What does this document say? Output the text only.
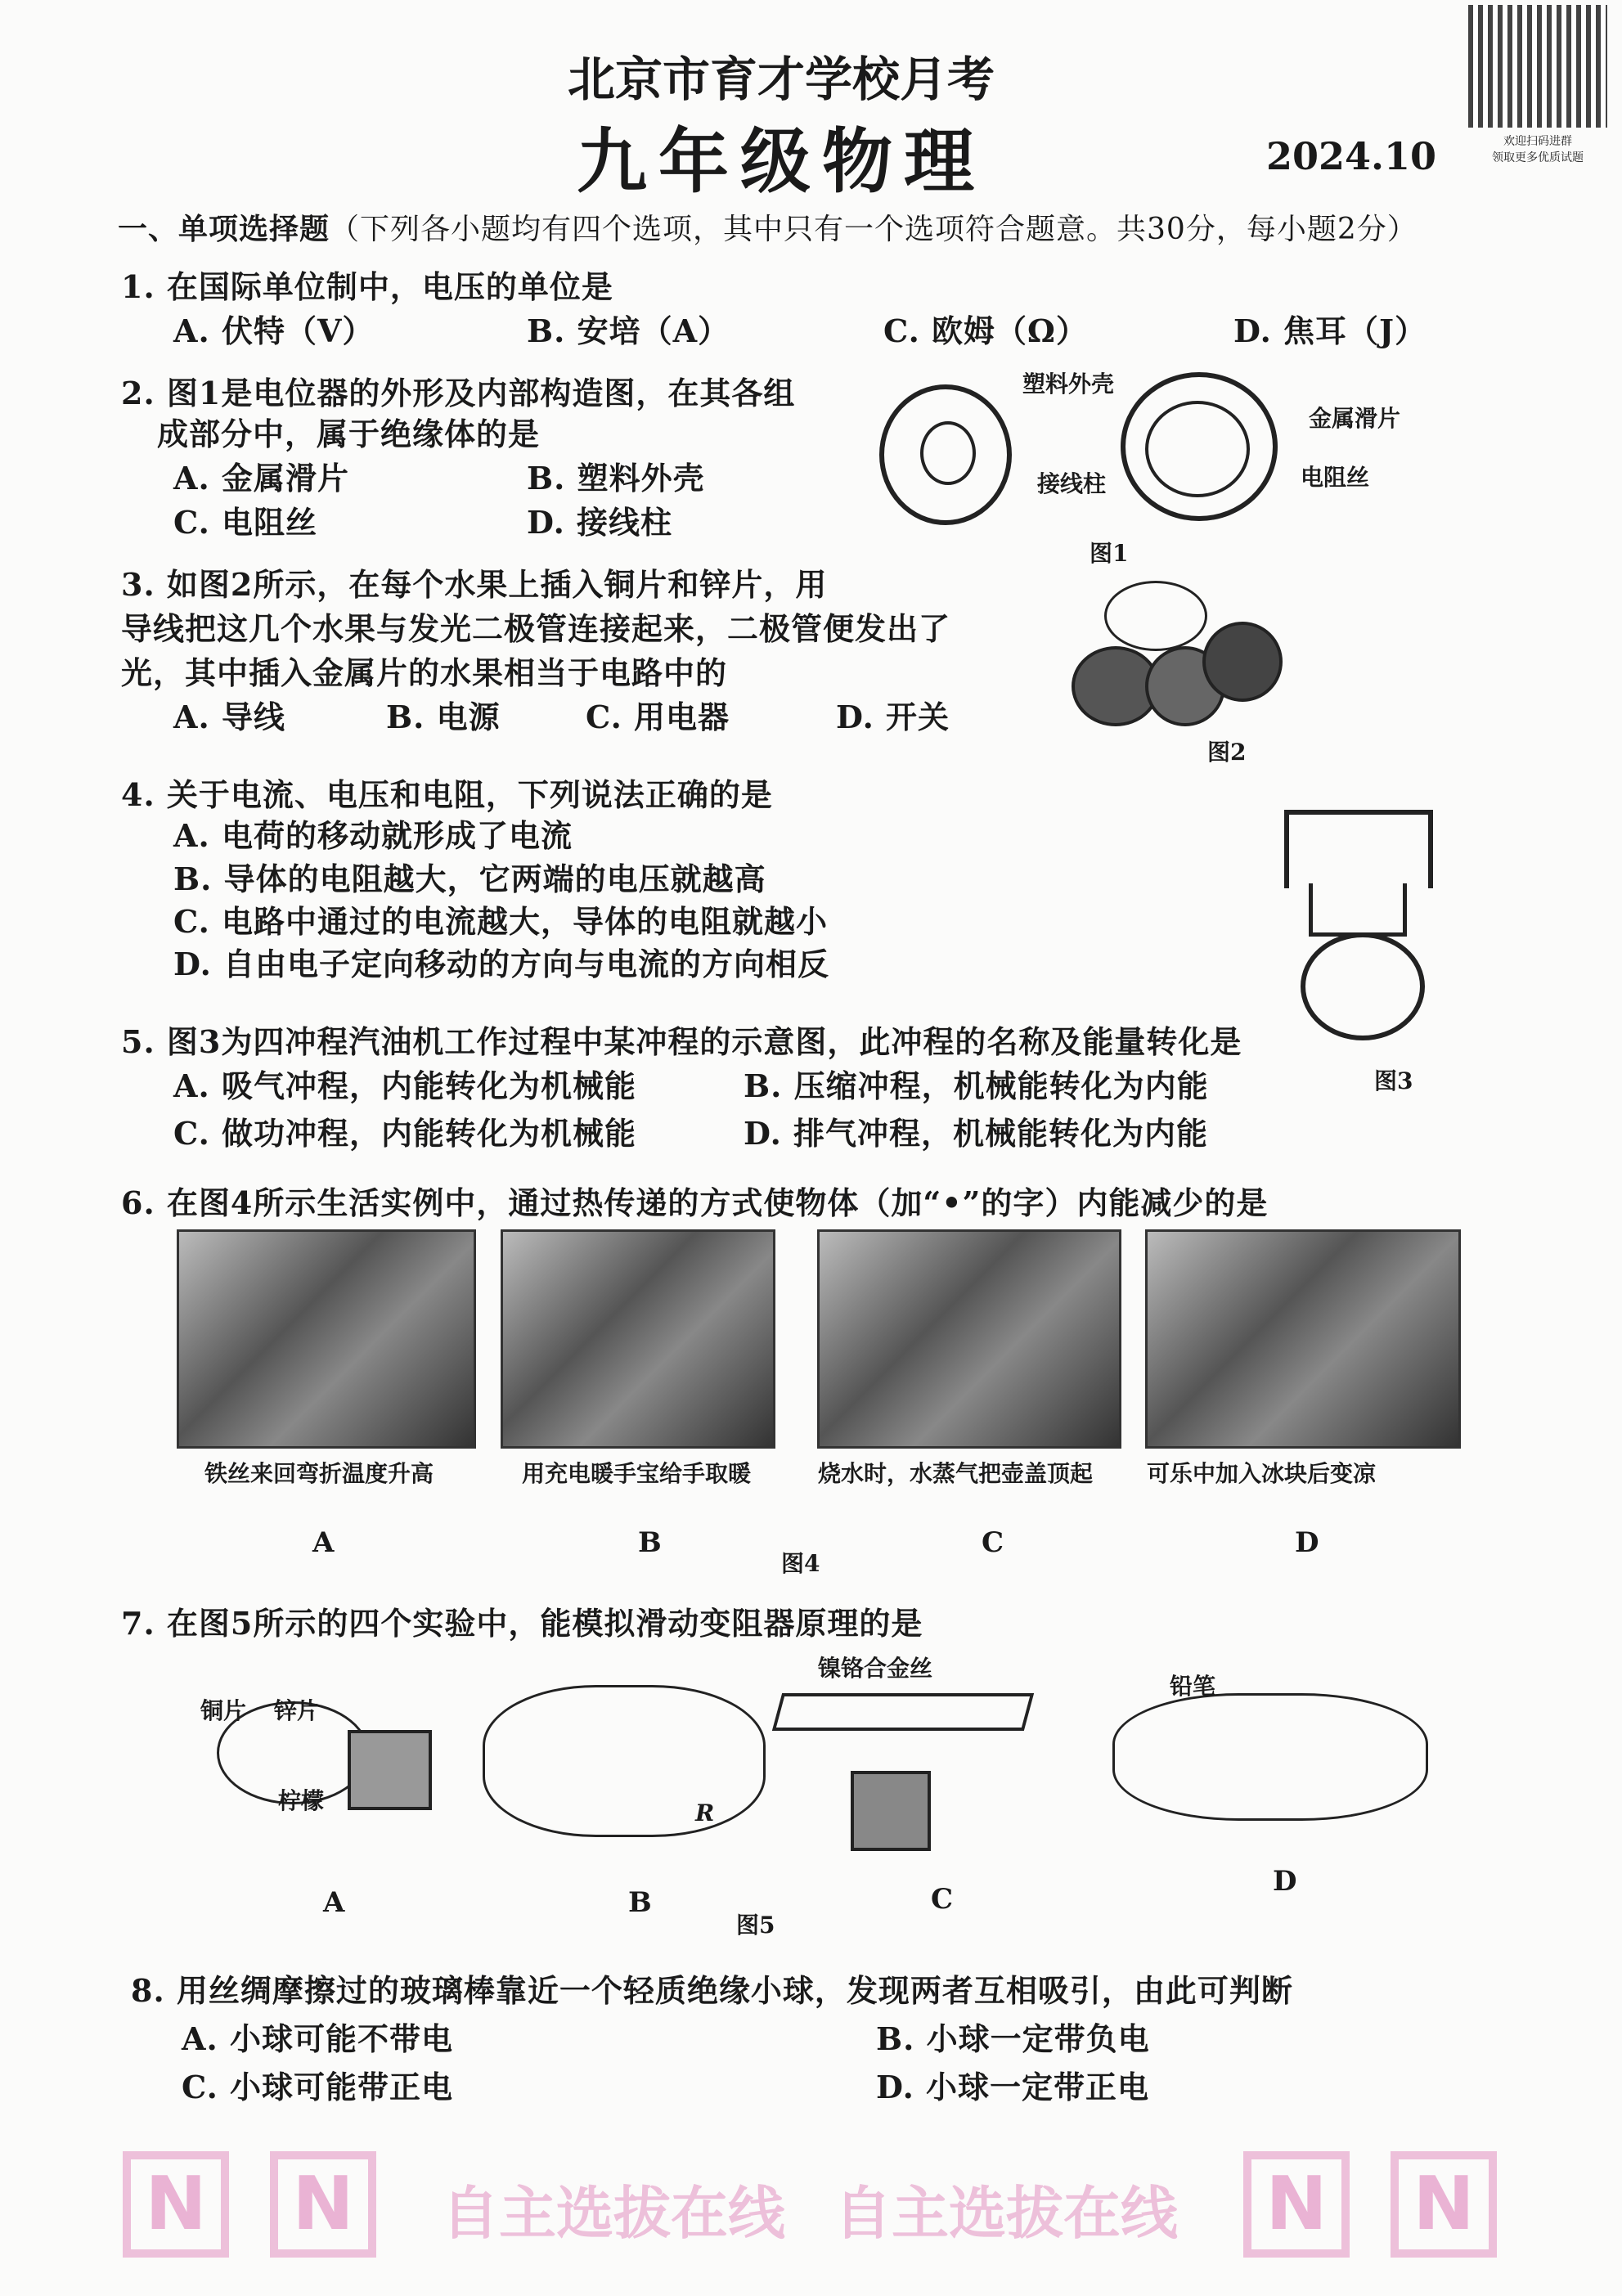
欢迎扫码进群
领取更多优质试题
北京市育才学校月考
九年级物理	2024.10
一、单项选择题（下列各小题均有四个选项，其中只有一个选项符合题意。共30分，每小题2分）
1. 在国际单位制中，电压的单位是
A. 伏特（V）	B. 安培（A）	C. 欧姆（Ω）	D. 焦耳（J）
2. 图1是电位器的外形及内部构造图，在其各组
成部分中，属于绝缘体的是
A. 金属滑片	B. 塑料外壳
C. 电阻丝	D. 接线柱
塑料外壳
金属滑片
接线柱	电阻丝
图1
3. 如图2所示，在每个水果上插入铜片和锌片，用
导线把这几个水果与发光二极管连接起来，二极管便发出了
光，其中插入金属片的水果相当于电路中的
A. 导线	B. 电源	C. 用电器	D. 开关
图2
4. 关于电流、电压和电阻，下列说法正确的是
A. 电荷的移动就形成了电流
B. 导体的电阻越大，它两端的电压就越高
C. 电路中通过的电流越大，导体的电阻就越小
D. 自由电子定向移动的方向与电流的方向相反
图3
5. 图3为四冲程汽油机工作过程中某冲程的示意图，此冲程的名称及能量转化是
A. 吸气冲程，内能转化为机械能	B. 压缩冲程，机械能转化为内能
C. 做功冲程，内能转化为机械能	D. 排气冲程，机械能转化为内能
6. 在图4所示生活实例中，通过热传递的方式使物体（加“•”的字）内能减少的是
铁丝来回弯折温度升高	用充电暖手宝给手取暖	烧水时，水蒸气把壶盖顶起 可乐中加入冰块后变凉
A	B	C	D
图4
7. 在图5所示的四个实验中，能模拟滑动变阻器原理的是
铜片 锌片
柠檬	R
镍铬合金丝
铅笔
A	B	C
D
图5
8. 用丝绸摩擦过的玻璃棒靠近一个轻质绝缘小球，发现两者互相吸引，由此可判断
A. 小球可能不带电	B. 小球一定带负电
C. 小球可能带正电	D. 小球一定带正电
N	N	N
N
自主选拔在线 自主选拔在线
